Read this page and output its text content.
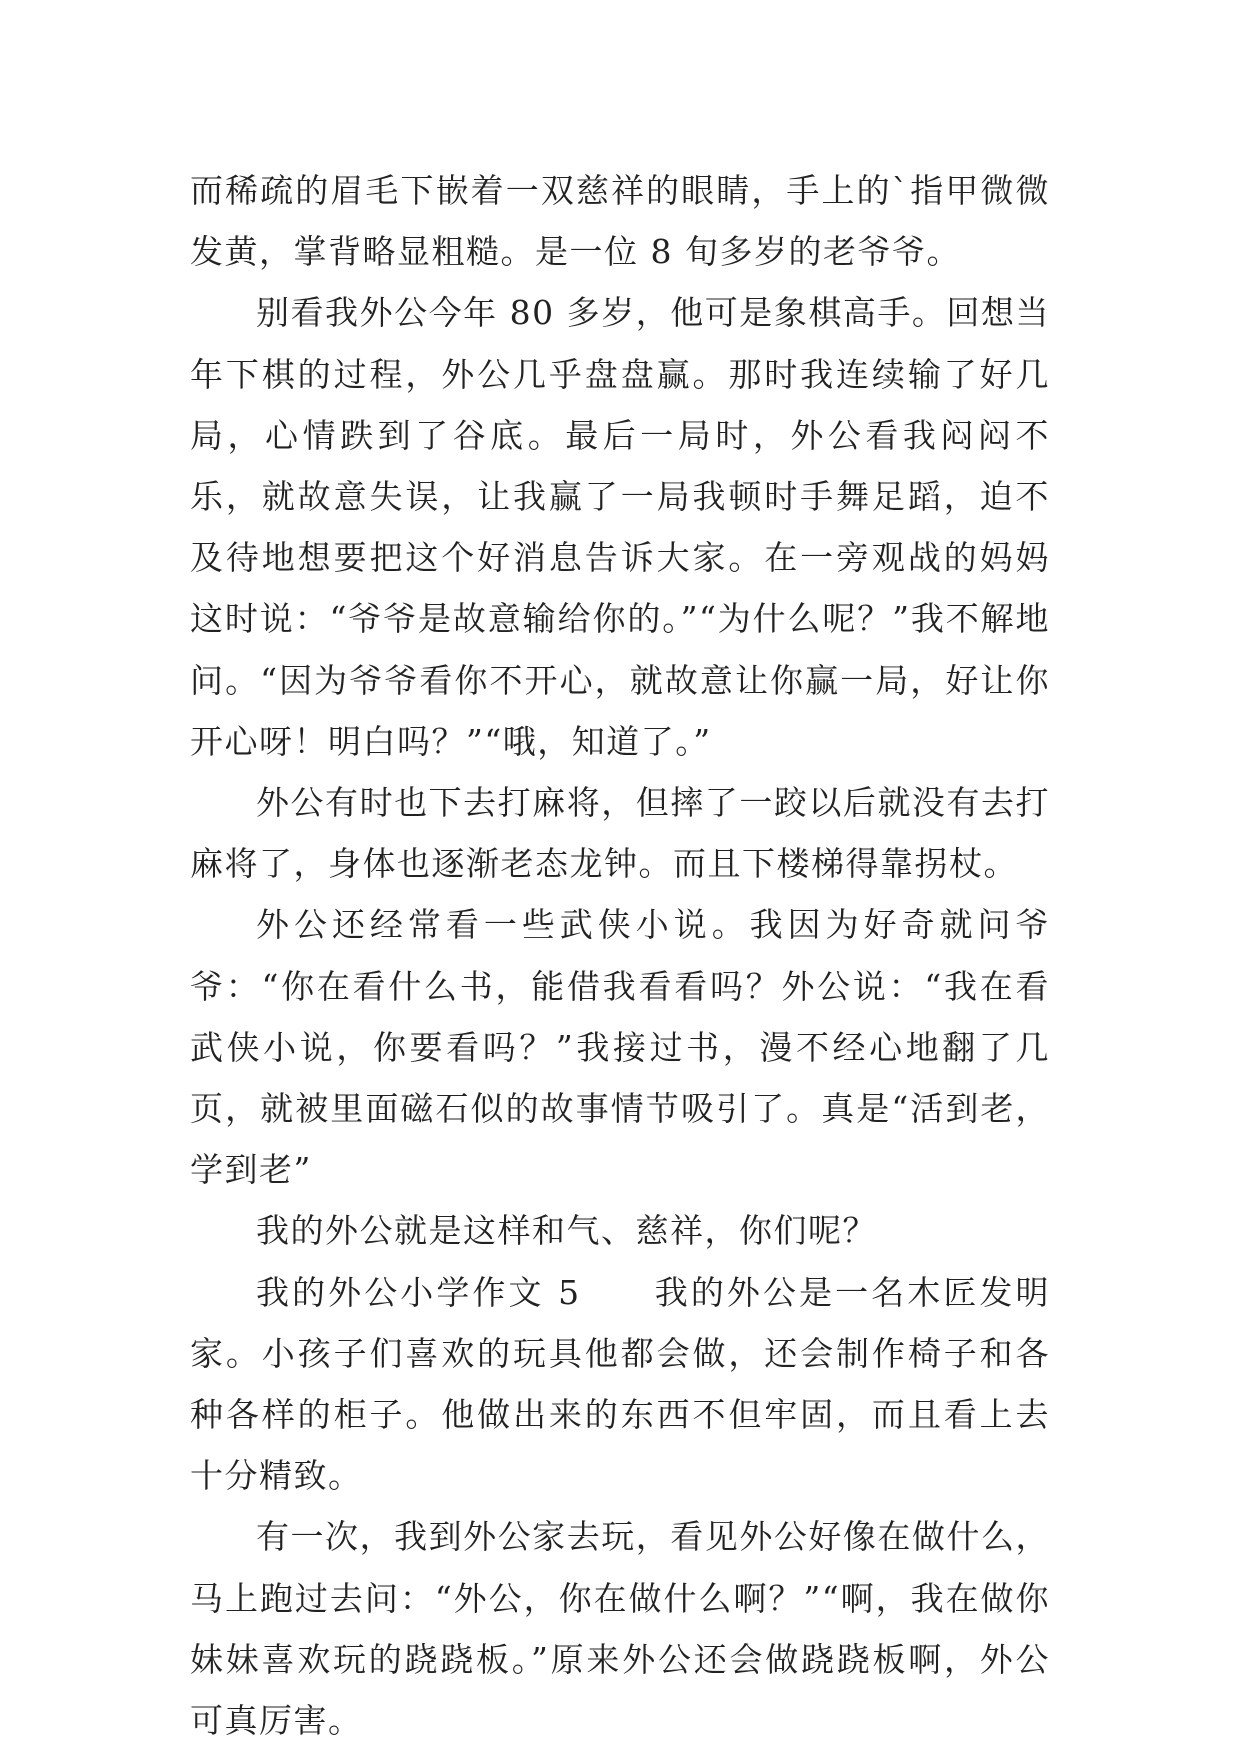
而稀疏的眉毛下嵌着一双慈祥的眼睛，手上的`指甲微微发黄，掌背略显粗糙。是一位 8 旬多岁的老爷爷。

别看我外公今年 80 多岁，他可是象棋高手。回想当年下棋的过程，外公几乎盘盘赢。那时我连续输了好几局，心情跌到了谷底。最后一局时，外公看我闷闷不乐，就故意失误，让我赢了一局我顿时手舞足蹈，迫不及待地想要把这个好消息告诉大家。在一旁观战的妈妈这时说：“爷爷是故意输给你的。”“为什么呢？”我不解地问。“因为爷爷看你不开心，就故意让你赢一局，好让你开心呀！明白吗？”“哦，知道了。”

外公有时也下去打麻将，但摔了一跤以后就没有去打麻将了，身体也逐渐老态龙钟。而且下楼梯得靠拐杖。

外公还经常看一些武侠小说。我因为好奇就问爷爷：“你在看什么书，能借我看看吗？外公说：“我在看武侠小说，你要看吗？”我接过书，漫不经心地翻了几页，就被里面磁石似的故事情节吸引了。真是“活到老，学到老”

我的外公就是这样和气、慈祥，你们呢？

我的外公小学作文 5 我的外公是一名木匠发明家。小孩子们喜欢的玩具他都会做，还会制作椅子和各种各样的柜子。他做出来的东西不但牢固，而且看上去十分精致。

有一次，我到外公家去玩，看见外公好像在做什么，马上跑过去问：“外公，你在做什么啊？”“啊，我在做你妹妹喜欢玩的跷跷板。”原来外公还会做跷跷板啊，外公可真厉害。
